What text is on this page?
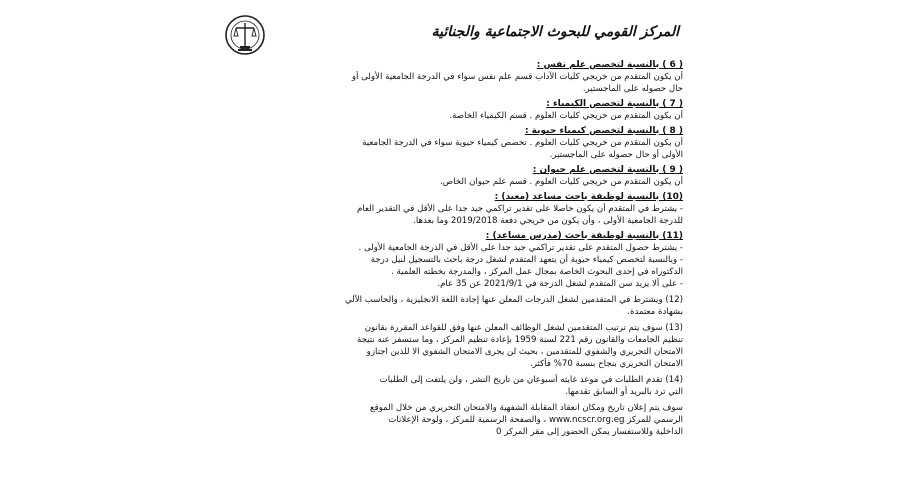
المركز القومي للبحوث الاجتماعية والجنائية
( 6 ) بالنسبة لتخصص علم نفس :
أن يكون المتقدم من خريجي كليات الآداب قسم علم نفس سواء في الدرجة الجامعية الأولى أو
حال حصوله على الماجستير.
( 7 ) بالنسبة لتخصص الكيمياء :
أن يكون المتقدم من خريجي كليات العلوم . قسم الكيمياء الخاصة.
( 8 ) بالنسبة لتخصص كيمياء حيوية :
أن يكون المتقدم من خريجي كليات العلوم . تخصص كيمياء حيوية سواء في الدرجة الجامعية
الأولى أو حال حصوله على الماجستير.
( 9 ) بالنسبة لتخصص علم حيوان :
أن يكون المتقدم من خريجي كليات العلوم . قسم علم حيوان الخاص.
(10) بالنسبة لوظيفة باحث مساعد (معيد) :
- يشترط في المتقدم أن يكون حاصلا على تقدير تراكمي جيد جدا على الأقل في التقدير العام
للدرجة الجامعية الأولى ، وأن يكون من خريجي دفعة 2019/2018 وما بعدها.
(11) بالنسبة لوظيفة باحث (مدرس مساعد) :
- يشترط حصول المتقدم على تقدير تراكمي جيد جدا على الأقل في الدرجة الجامعية الأولى .
- وبالنسبة لتخصص كيمياء حيوية أن يتعهد المتقدم لشغل درجة باحث بالتسجيل لنيل درجة
الدكتوراه في إحدى البحوث الخاصة بمجال عمل المركز ، والمدرجة بخطته العلمية .
- على ألا يزيد سن المتقدم لشغل الدرجة في 2021/9/1 عن 35 عام.
(12) ويشترط في المتقدمين لشغل الدرجات المعلن عنها إجادة اللغة الانجليزية ، والحاسب الآلي
بشهادة معتمدة.
(13) سوف يتم ترتيب المتقدمين لشغل الوظائف المعلن عنها وفق للقواعد المقررة بقانون
تنظيم الجامعات والقانون رقم 221 لسنة 1959 بإعادة تنظيم المركز ، وما ستسفر عنه نتيجة
الامتحان التحريري والشفوي للمتقدمين ، بحيث لن يجرى الامتحان الشفوي الا للذين اجتازو
الامتحان التحريري بنجاح بنسبة 70% فأكثر.
(14) تقدم الطلبات في موعد غايته أسبوعان من تاريخ النشر ، ولن يلتفت إلى الطلبات
التي ترد بالبريد أو السابق تقدمها.
سوف يتم إعلان تاريخ ومكان انعقاد المقابلة الشفهية والامتحان التحريري من خلال الموقع
الرسمي للمركز www.ncscr.org.eg ، والصفحة الرسمية للمركز ، ولوحة الإعلانات
الداخلية وللاستفسار يمكن الحضور إلى مقر المركز 0
